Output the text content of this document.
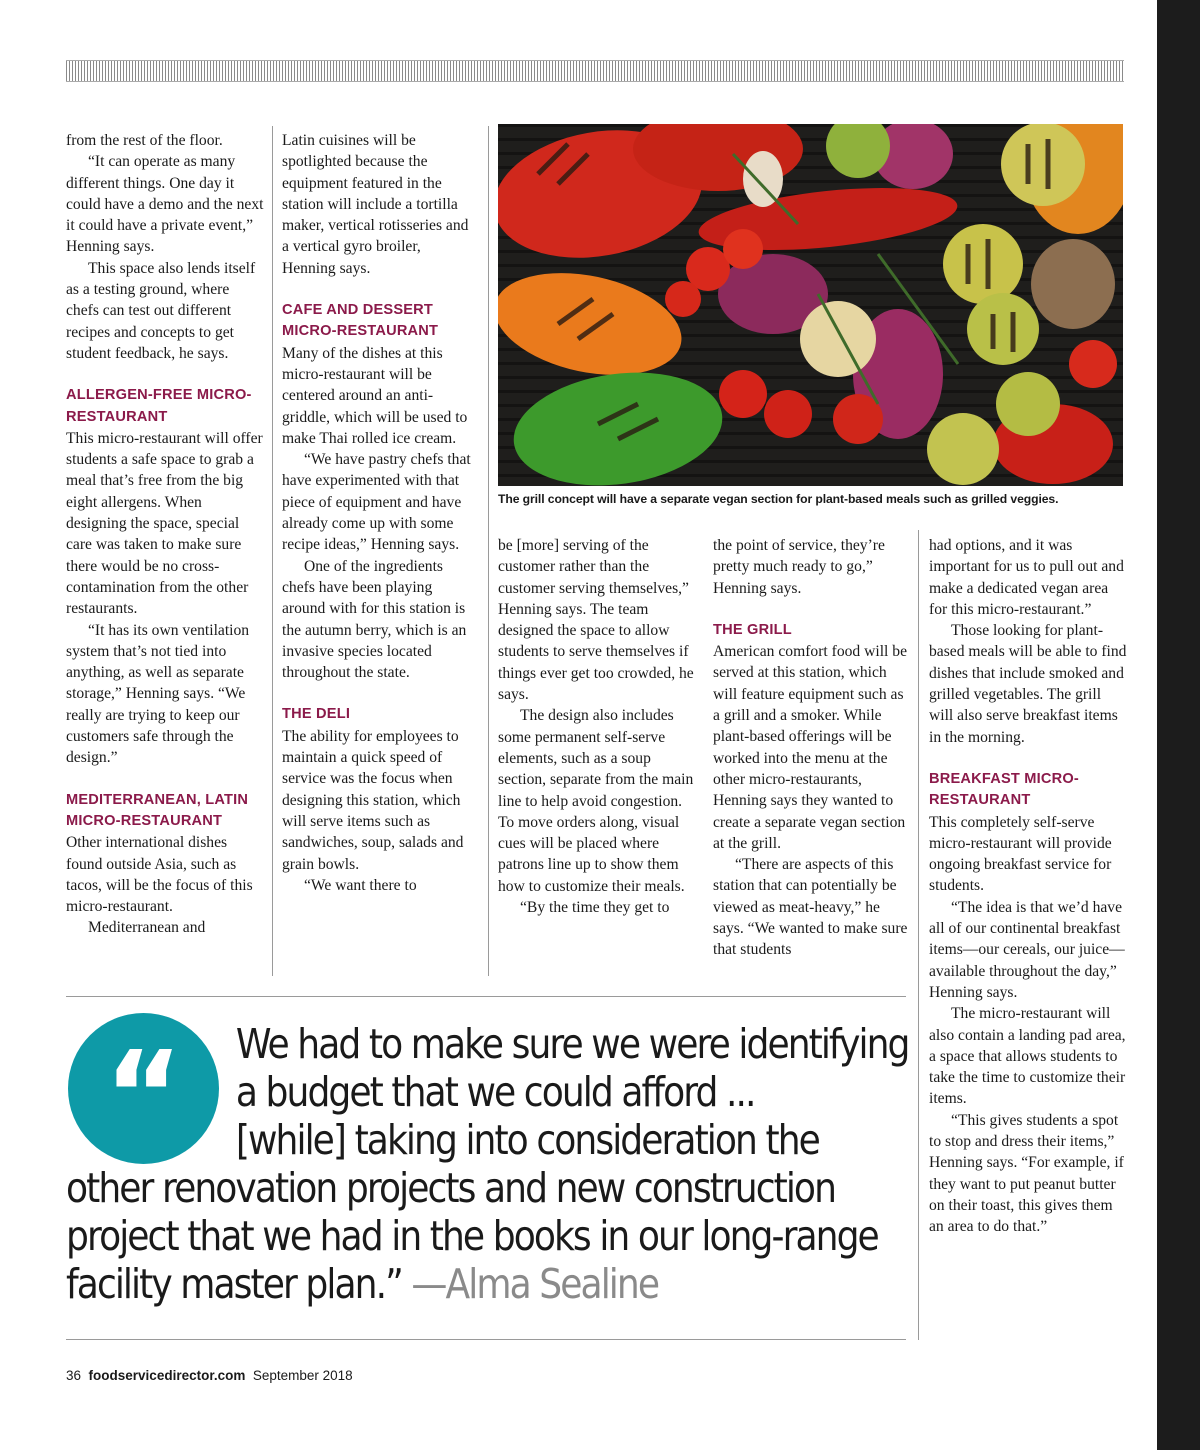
from the rest of the floor.

“It can operate as many different things. One day it could have a demo and the next it could have a private event,” Henning says.

This space also lends itself as a testing ground, where chefs can test out different recipes and concepts to get student feedback, he says.

ALLERGEN-FREE MICRO-RESTAURANT

This micro-restaurant will offer students a safe space to grab a meal that’s free from the big eight allergens. When designing the space, special care was taken to make sure there would be no cross-contamination from the other restaurants.

“It has its own ventilation system that’s not tied into anything, as well as separate storage,” Henning says. “We really are trying to keep our customers safe through the design.”

MEDITERRANEAN, LATIN MICRO-RESTAURANT

Other international dishes found outside Asia, such as tacos, will be the focus of this micro-restaurant.

Mediterranean and

Latin cuisines will be spotlighted because the equipment featured in the station will include a tortilla maker, vertical rotisseries and a vertical gyro broiler, Henning says.

CAFE AND DESSERT MICRO-RESTAURANT

Many of the dishes at this micro-restaurant will be centered around an anti-griddle, which will be used to make Thai rolled ice cream.

“We have pastry chefs that have experimented with that piece of equipment and have already come up with some recipe ideas,” Henning says.

One of the ingredients chefs have been playing around with for this station is the autumn berry, which is an invasive species located throughout the state.

THE DELI

The ability for employees to maintain a quick speed of service was the focus when designing this station, which will serve items such as sandwiches, soup, salads and grain bowls.

“We want there to

The grill concept will have a separate vegan section for plant-based meals such as grilled veggies.

be [more] serving of the customer rather than the customer serving themselves,” Henning says. The team designed the space to allow students to serve themselves if things ever get too crowded, he says.

The design also includes some permanent self-serve elements, such as a soup section, separate from the main line to help avoid congestion. To move orders along, visual cues will be placed where patrons line up to show them how to customize their meals.

“By the time they get to

the point of service, they’re pretty much ready to go,” Henning says.

THE GRILL

American comfort food will be served at this station, which will feature equipment such as a grill and a smoker. While plant-based offerings will be worked into the menu at the other micro-restaurants, Henning says they wanted to create a separate vegan section at the grill.

“There are aspects of this station that can potentially be viewed as meat-heavy,” he says. “We wanted to make sure that students

had options, and it was important for us to pull out and make a dedicated vegan area for this micro-restaurant.”

Those looking for plant-based meals will be able to find dishes that include smoked and grilled vegetables. The grill will also serve breakfast items in the morning.

BREAKFAST MICRO-RESTAURANT

This completely self-serve micro-restaurant will provide ongoing breakfast service for students.

“The idea is that we’d have all of our continental breakfast items—our cereals, our juice—available throughout the day,” Henning says.

The micro-restaurant will also contain a landing pad area, a space that allows students to take the time to customize their items.

“This gives students a spot to stop and dress their items,” Henning says. “For example, if they want to put peanut butter on their toast, this gives them an area to do that.”

“	We had to make sure we were identifying
a budget that we could afford ...
[while] taking into consideration the
other renovation projects and new construction
project that we had in the books in our long-range
facility master plan.” —Alma Sealine
36 foodservicedirector.com September 2018
